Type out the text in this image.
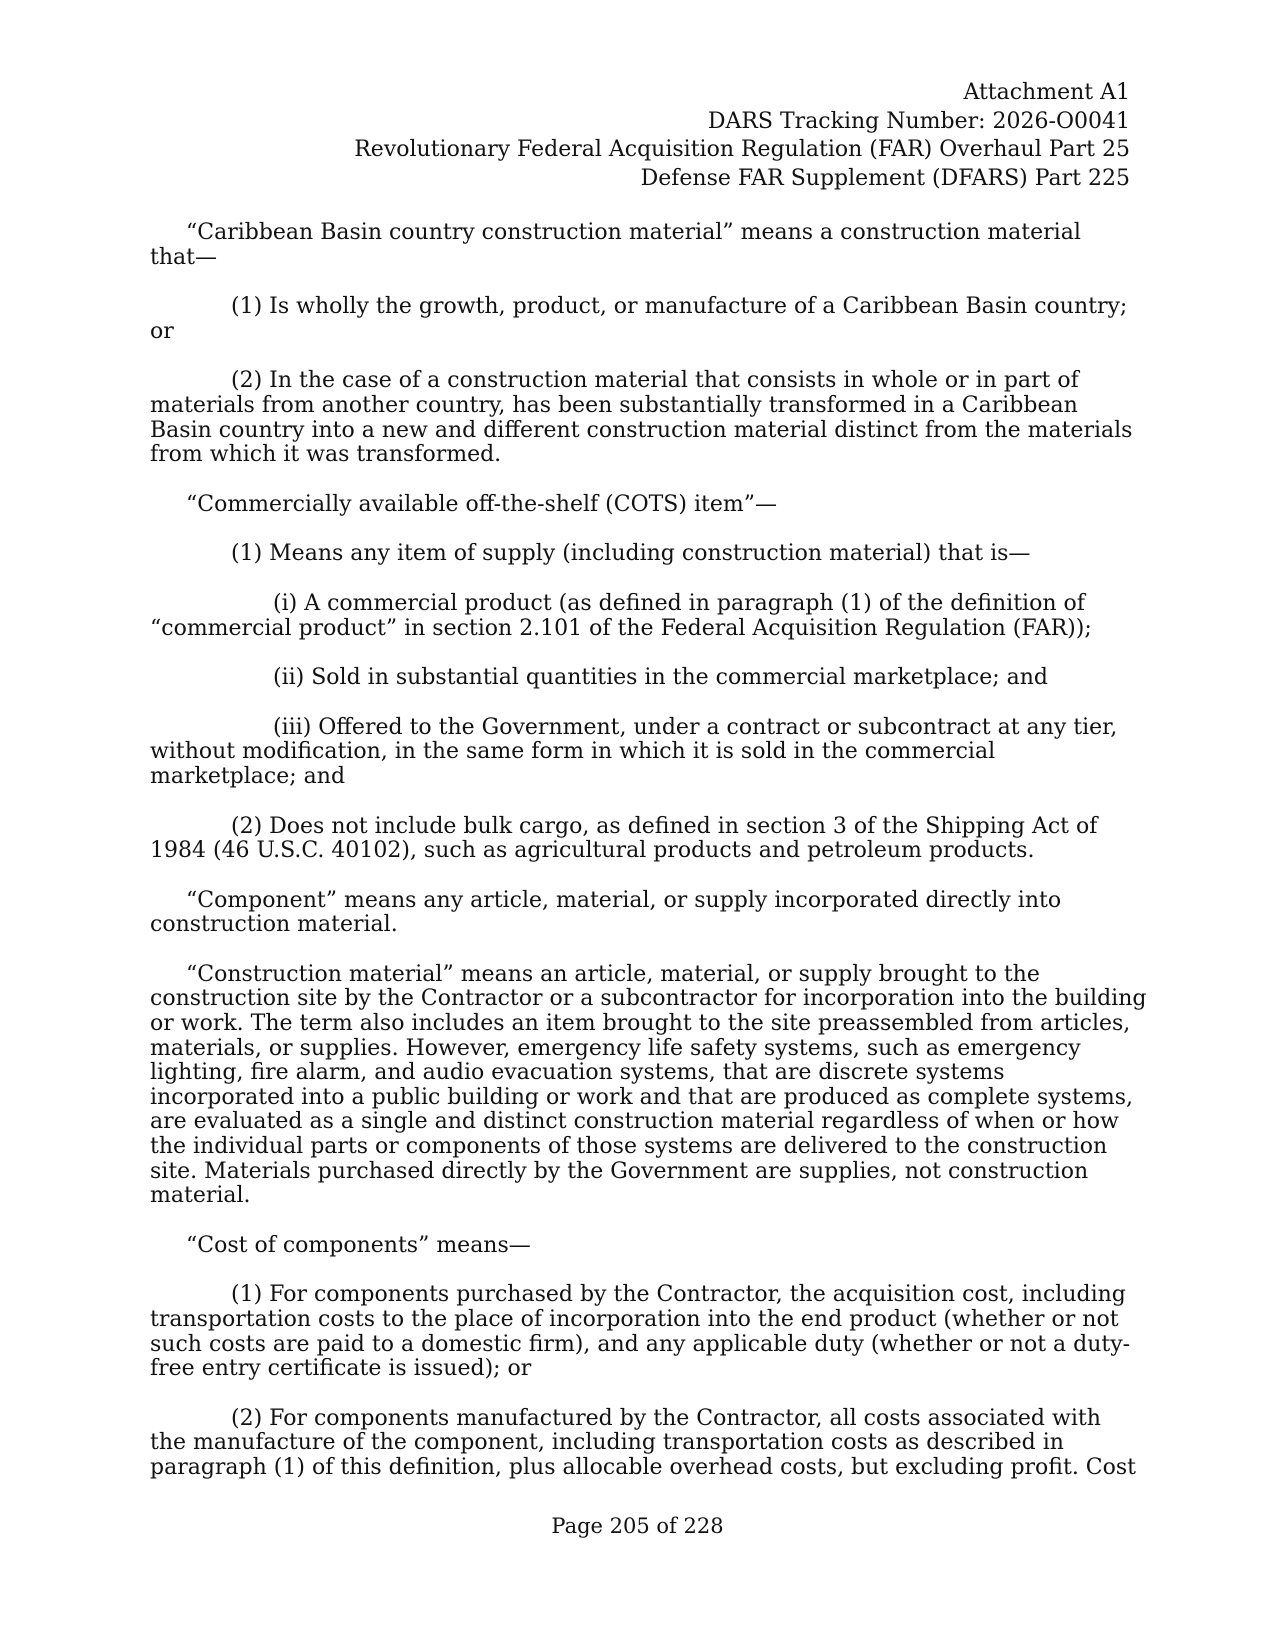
Attachment A1
DARS Tracking Number: 2026-O0041
Revolutionary Federal Acquisition Regulation (FAR) Overhaul Part 25
Defense FAR Supplement (DFARS) Part 225
“Caribbean Basin country construction material” means a construction material
that—
(1) Is wholly the growth, product, or manufacture of a Caribbean Basin country;
or
(2) In the case of a construction material that consists in whole or in part of
materials from another country, has been substantially transformed in a Caribbean
Basin country into a new and different construction material distinct from the materials
from which it was transformed.
“Commercially available off-the-shelf (COTS) item”—
(1) Means any item of supply (including construction material) that is—
(i) A commercial product (as defined in paragraph (1) of the definition of
“commercial product” in section 2.101 of the Federal Acquisition Regulation (FAR));
(ii) Sold in substantial quantities in the commercial marketplace; and
(iii) Offered to the Government, under a contract or subcontract at any tier,
without modification, in the same form in which it is sold in the commercial
marketplace; and
(2) Does not include bulk cargo, as defined in section 3 of the Shipping Act of
1984 (46 U.S.C. 40102), such as agricultural products and petroleum products.
“Component” means any article, material, or supply incorporated directly into
construction material.
“Construction material” means an article, material, or supply brought to the
construction site by the Contractor or a subcontractor for incorporation into the building
or work. The term also includes an item brought to the site preassembled from articles,
materials, or supplies. However, emergency life safety systems, such as emergency
lighting, fire alarm, and audio evacuation systems, that are discrete systems
incorporated into a public building or work and that are produced as complete systems,
are evaluated as a single and distinct construction material regardless of when or how
the individual parts or components of those systems are delivered to the construction
site. Materials purchased directly by the Government are supplies, not construction
material.
“Cost of components” means—
(1) For components purchased by the Contractor, the acquisition cost, including
transportation costs to the place of incorporation into the end product (whether or not
such costs are paid to a domestic firm), and any applicable duty (whether or not a duty-
free entry certificate is issued); or
(2) For components manufactured by the Contractor, all costs associated with
the manufacture of the component, including transportation costs as described in
paragraph (1) of this definition, plus allocable overhead costs, but excluding profit. Cost
Page 205 of 228
